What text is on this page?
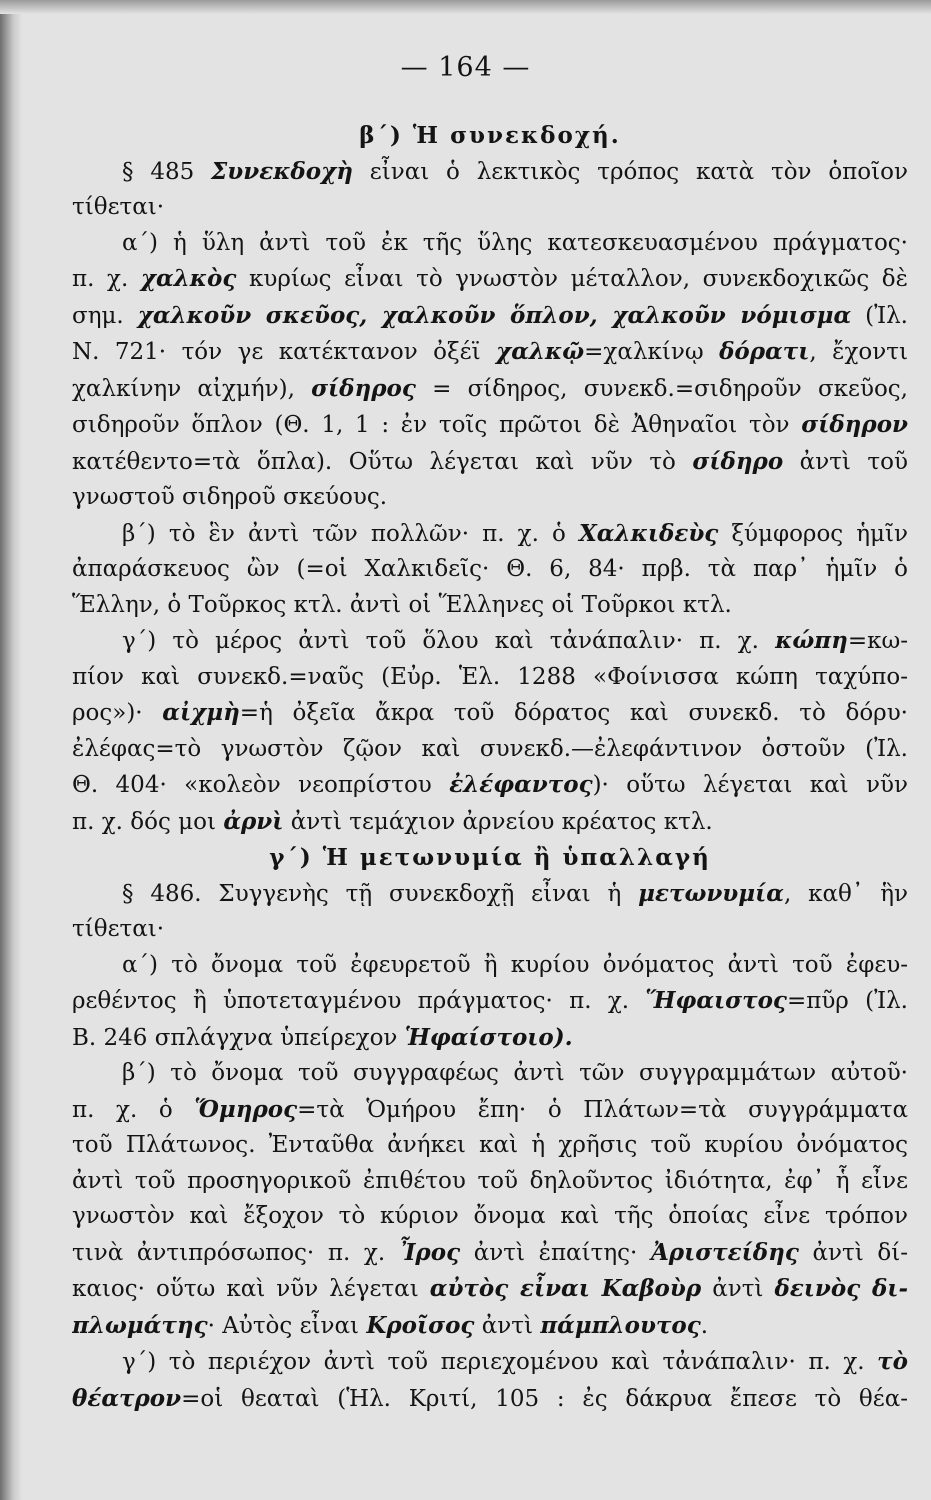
— 164 —
β΄) Ἡ συνεκδοχή.
§ 485 Συνεκδοχὴ εἶναι ὁ λεκτικὸς τρόπος κατὰ τὸν ὁποῖον
τίθεται·
α΄) ἡ ὕλη ἀντὶ τοῦ ἐκ τῆς ὕλης κατεσκευασμένου πράγματος·
π. χ. χαλκὸς κυρίως εἶναι τὸ γνωστὸν μέταλλον, συνεκδοχικῶς δὲ
σημ. χαλκοῦν σκεῦος, χαλκοῦν ὅπλον, χαλκοῦν νόμισμα (Ἰλ.
Ν. 721· τόν γε κατέκτανον ὀξέϊ χαλκῷ=χαλκίνῳ δόρατι, ἔχοντι
χαλκίνην αἰχμήν), σίδηρος = σίδηρος, συνεκδ.=σιδηροῦν σκεῦος,
σιδηροῦν ὅπλον (Θ. 1, 1 : ἐν τοῖς πρῶτοι δὲ Ἀθηναῖοι τὸν σίδηρον
κατέθεντο=τὰ ὅπλα). Οὕτω λέγεται καὶ νῦν τὸ σίδηρο ἀντὶ τοῦ
γνωστοῦ σιδηροῦ σκεύους.
β΄) τὸ ἓν ἀντὶ τῶν πολλῶν· π. χ. ὁ Χαλκιδεὺς ξύμφορος ἡμῖν
ἀπαράσκευος ὢν (=οἱ Χαλκιδεῖς· Θ. 6, 84· πρβ. τὰ παρ᾽ ἡμῖν ὁ
Ἕλλην, ὁ Τοῦρκος κτλ. ἀντὶ οἱ Ἕλληνες οἱ Τοῦρκοι κτλ.
γ΄) τὸ μέρος ἀντὶ τοῦ ὅλου καὶ τἀνάπαλιν· π. χ. κώπη=κω-
πίον καὶ συνεκδ.=ναῦς (Εὐρ. Ἑλ. 1288 «Φοίνισσα κώπη ταχύπο-
ρος»)· αἰχμὴ=ἡ ὀξεῖα ἄκρα τοῦ δόρατος καὶ συνεκδ. τὸ δόρυ·
ἐλέφας=τὸ γνωστὸν ζῷον καὶ συνεκδ.—ἐλεφάντινον ὀστοῦν (Ἰλ.
Θ. 404· «κολεὸν νεοπρίστου ἐλέφαντος)· οὕτω λέγεται καὶ νῦν
π. χ. δός μοι ἀρνὶ ἀντὶ τεμάχιον ἀρνείου κρέατος κτλ.
γ΄) Ἡ μετωνυμία ἢ ὑπαλλαγή
§ 486. Συγγενὴς τῇ συνεκδοχῇ εἶναι ἡ μετωνυμία, καθ᾽ ἣν
τίθεται·
α΄) τὸ ὄνομα τοῦ ἐφευρετοῦ ἢ κυρίου ὀνόματος ἀντὶ τοῦ ἐφευ-
ρεθέντος ἢ ὑποτεταγμένου πράγματος· π. χ. Ἥφαιστος=πῦρ (Ἰλ.
Β. 246 σπλάγχνα ὑπείρεχον Ἡφαίστοιο).
β΄) τὸ ὄνομα τοῦ συγγραφέως ἀντὶ τῶν συγγραμμάτων αὐτοῦ·
π. χ. ὁ Ὅμηρος=τὰ Ὁμήρου ἔπη· ὁ Πλάτων=τὰ συγγράμματα
τοῦ Πλάτωνος. Ἐνταῦθα ἀνήκει καὶ ἡ χρῆσις τοῦ κυρίου ὀνόματος
ἀντὶ τοῦ προσηγορικοῦ ἐπιθέτου τοῦ δηλοῦντος ἰδιότητα, ἐφ᾽ ἧ εἶνε
γνωστὸν καὶ ἔξοχον τὸ κύριον ὄνομα καὶ τῆς ὁποίας εἶνε τρόπον
τινὰ ἀντιπρόσωπος· π. χ. Ἶρος ἀντὶ ἐπαίτης· Ἀριστείδης ἀντὶ δί-
καιος· οὕτω καὶ νῦν λέγεται αὐτὸς εἶναι Καβοὺρ ἀντὶ δεινὸς δι-
πλωμάτης· Αὐτὸς εἶναι Κροῖσος ἀντὶ πάμπλουτος.
γ΄) τὸ περιέχον ἀντὶ τοῦ περιεχομένου καὶ τἀνάπαλιν· π. χ. τὸ
θέατρον=οἱ θεαταὶ (Ἡλ. Κριτί, 105 : ἐς δάκρυα ἔπεσε τὸ θέα-
